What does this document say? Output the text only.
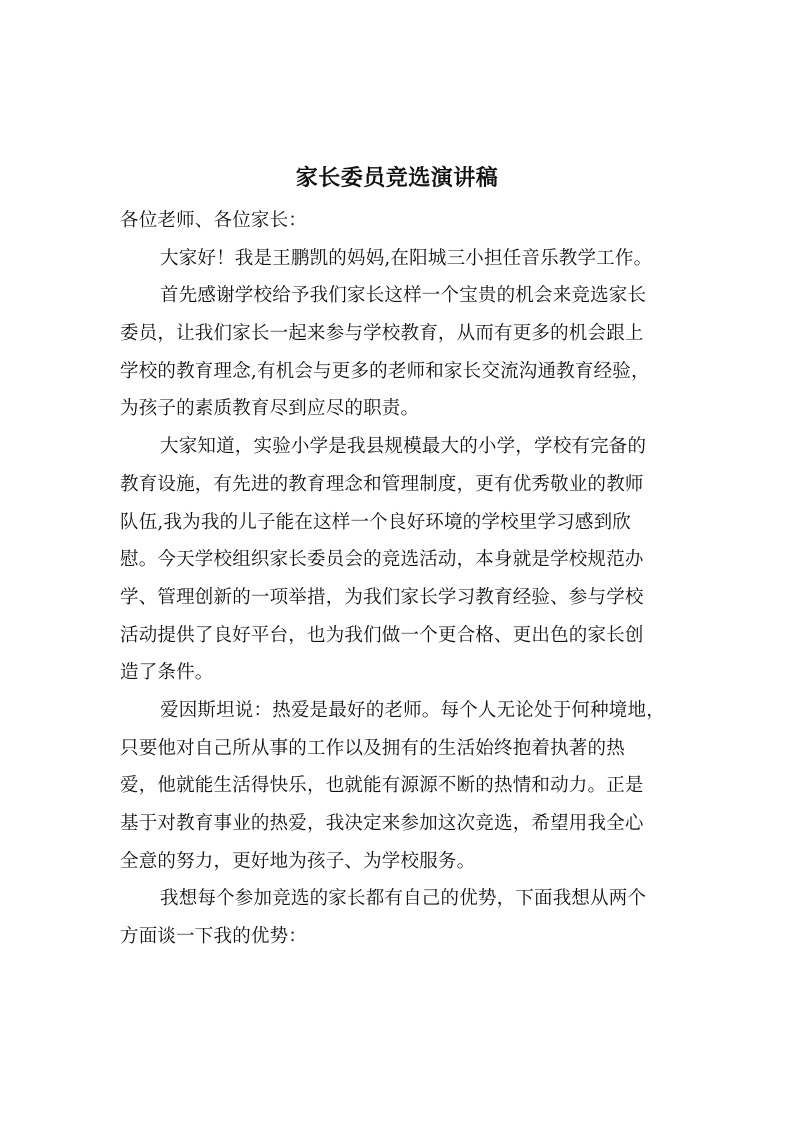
家长委员竞选演讲稿
各位老师、各位家长：
大家好！我是王鹏凯的妈妈,在阳城三小担任音乐教学工作。
首先感谢学校给予我们家长这样一个宝贵的机会来竞选家长
委员，让我们家长一起来参与学校教育，从而有更多的机会跟上
学校的教育理念,有机会与更多的老师和家长交流沟通教育经验，
为孩子的素质教育尽到应尽的职责。
大家知道，实验小学是我县规模最大的小学，学校有完备的
教育设施，有先进的教育理念和管理制度，更有优秀敬业的教师
队伍,我为我的儿子能在这样一个良好环境的学校里学习感到欣
慰。今天学校组织家长委员会的竞选活动，本身就是学校规范办
学、管理创新的一项举措，为我们家长学习教育经验、参与学校
活动提供了良好平台，也为我们做一个更合格、更出色的家长创
造了条件。
爱因斯坦说：热爱是最好的老师。每个人无论处于何种境地，
只要他对自己所从事的工作以及拥有的生活始终抱着执著的热
爱，他就能生活得快乐，也就能有源源不断的热情和动力。正是
基于对教育事业的热爱，我决定来参加这次竞选，希望用我全心
全意的努力，更好地为孩子、为学校服务。
我想每个参加竞选的家长都有自己的优势，下面我想从两个
方面谈一下我的优势：
